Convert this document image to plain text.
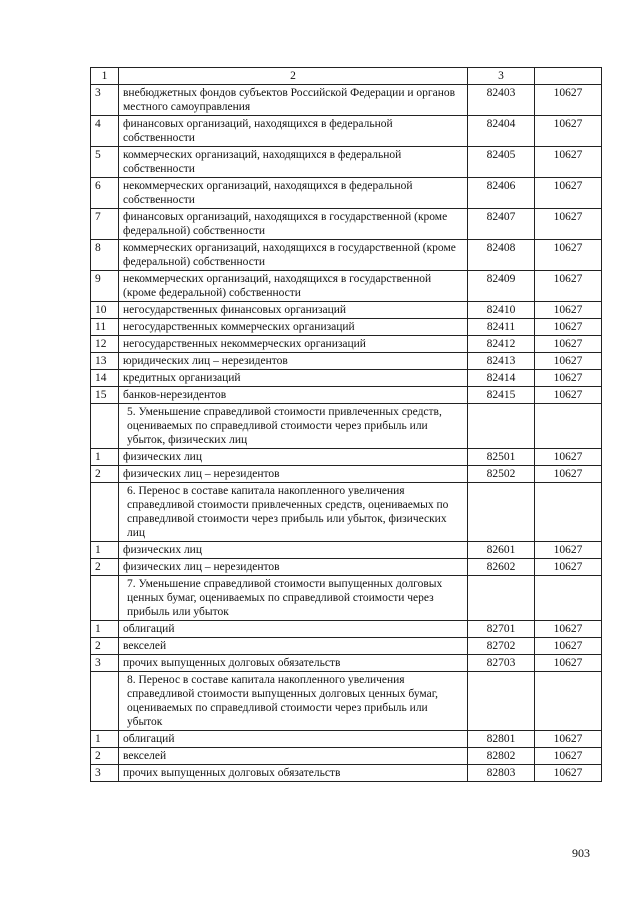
1	2	3	
3	внебюджетных фондов субъектов Российской Федерации и органов местного самоуправления	82403	10627
4	финансовых организаций, находящихся в федеральной собственности	82404	10627
5	коммерческих организаций, находящихся в федеральной собственности	82405	10627
6	некоммерческих организаций, находящихся в федеральной собственности	82406	10627
7	финансовых организаций, находящихся в государственной (кроме федеральной) собственности	82407	10627
8	коммерческих организаций, находящихся в государственной (кроме федеральной) собственности	82408	10627
9	некоммерческих организаций, находящихся в государственной (кроме федеральной) собственности	82409	10627
10	негосударственных финансовых организаций	82410	10627
11	негосударственных коммерческих организаций	82411	10627
12	негосударственных некоммерческих организаций	82412	10627
13	юридических лиц – нерезидентов	82413	10627
14	кредитных организаций	82414	10627
15	банков-нерезидентов	82415	10627
	5. Уменьшение справедливой стоимости привлеченных средств, оцениваемых по справедливой стоимости через прибыль или убыток, физических лиц		
1	физических лиц	82501	10627
2	физических лиц – нерезидентов	82502	10627
	6. Перенос в составе капитала накопленного увеличения справедливой стоимости привлеченных средств, оцениваемых по справедливой стоимости через прибыль или убыток, физических лиц		
1	физических лиц	82601	10627
2	физических лиц – нерезидентов	82602	10627
	7. Уменьшение справедливой стоимости выпущенных долговых ценных бумаг, оцениваемых по справедливой стоимости через прибыль или убыток		
1	облигаций	82701	10627
2	векселей	82702	10627
3	прочих выпущенных долговых обязательств	82703	10627
	8. Перенос в составе капитала накопленного увеличения справедливой стоимости выпущенных долговых ценных бумаг, оцениваемых по справедливой стоимости через прибыль или убыток		
1	облигаций	82801	10627
2	векселей	82802	10627
3	прочих выпущенных долговых обязательств	82803	10627
903
